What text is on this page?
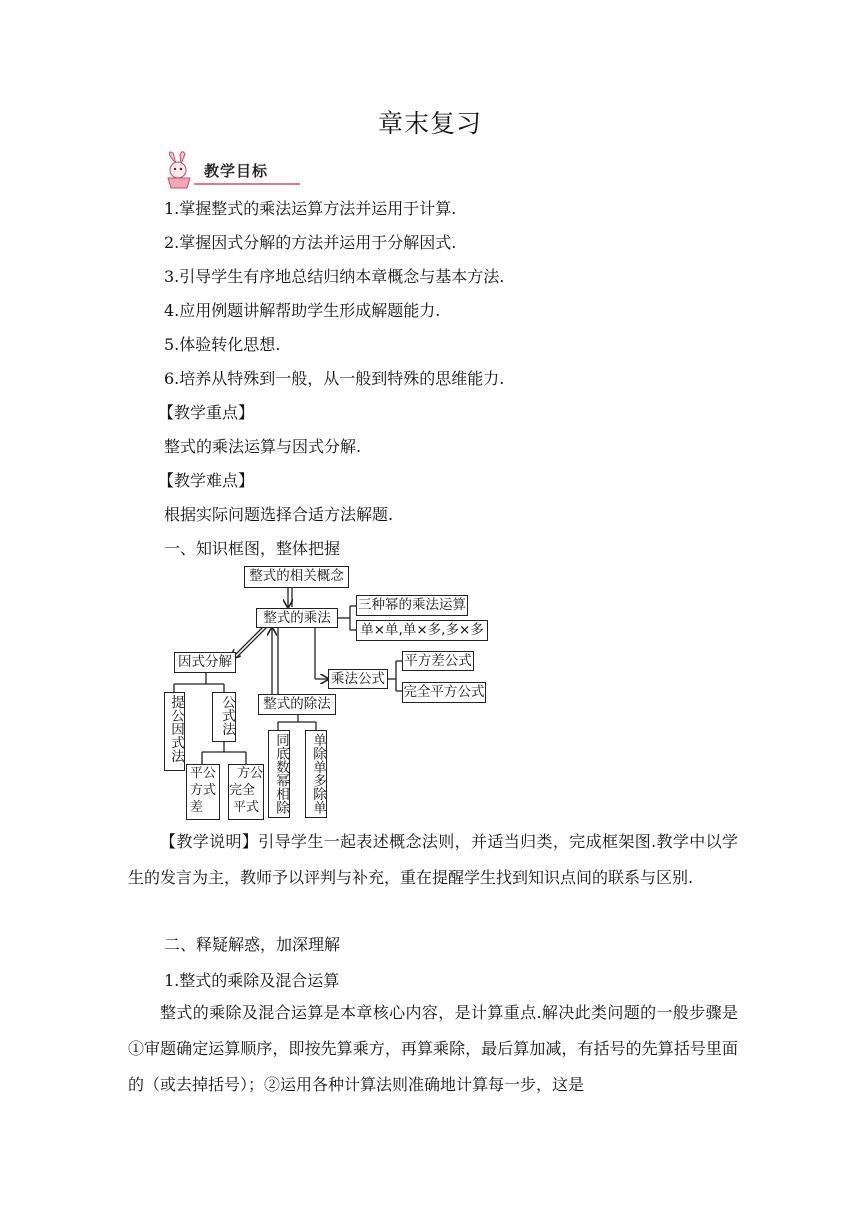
章末复习
教学目标
1.掌握整式的乘法运算方法并运用于计算.
2.掌握因式分解的方法并运用于分解因式.
3.引导学生有序地总结归纳本章概念与基本方法.
4.应用例题讲解帮助学生形成解题能力.
5.体验转化思想.
6.培养从特殊到一般，从一般到特殊的思维能力.
【教学重点】
整式的乘法运算与因式分解.
【教学难点】
根据实际问题选择合适方法解题.
一、知识框图，整体把握
整式的相关概念
整式的乘法
三种幂的乘法运算
单×单,单×多,多×多
因式分解
乘法公式
平方差公式
完全平方公式
整式的除法
提公因式法	公式法
平公
方式
差
方公
完全
平式	同底数幂相除	单除单多除单
【教学说明】引导学生一起表述概念法则，并适当归类，完成框架图.教学中以学生的发言为主，教师予以评判与补充，重在提醒学生找到知识点间的联系与区别.
二、释疑解惑，加深理解
1.整式的乘除及混合运算
整式的乘除及混合运算是本章核心内容，是计算重点.解决此类问题的一般步骤是①审题确定运算顺序，即按先算乘方，再算乘除，最后算加减，有括号的先算括号里面的（或去掉括号）；②运用各种计算法则准确地计算每一步，这是
